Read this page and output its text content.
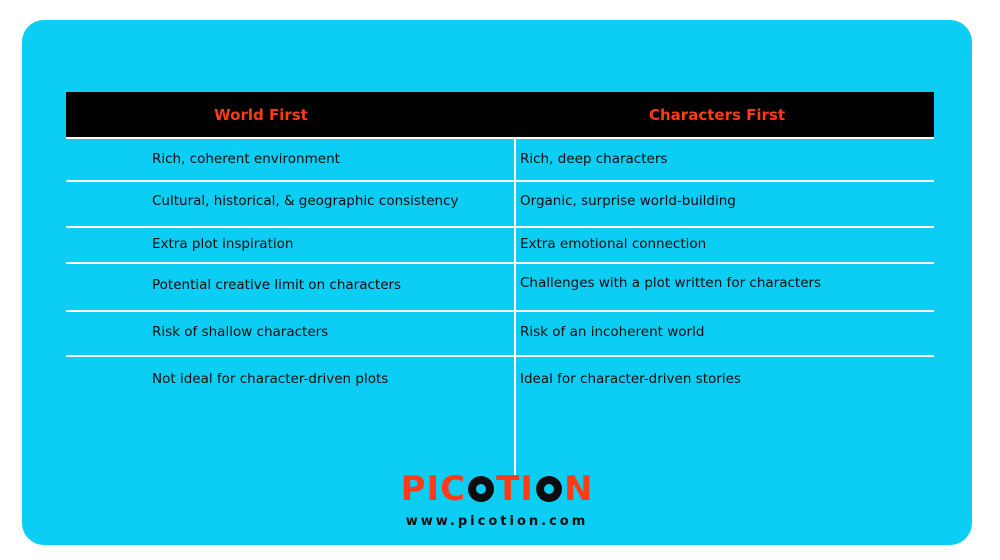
World First	Characters First
Rich, coherent environment	Rich, deep characters
Cultural, historical, & geographic consistency	Organic, surprise world-building
Extra plot inspiration	Extra emotional connection
Potential creative limit on characters	Challenges with a plot written for characters
Risk of shallow characters	Risk of an incoherent world
Not ideal for character-driven plots	Ideal for character-driven stories
PIC TI N
www.picotion.com
